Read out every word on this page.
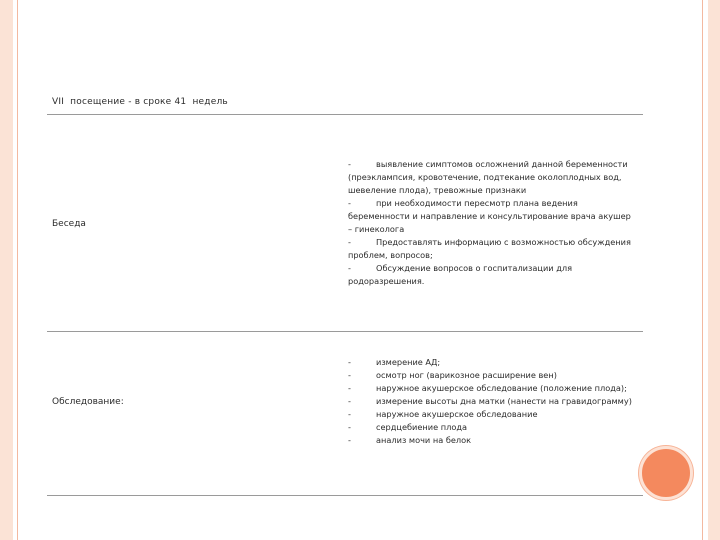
VII  посещение - в сроке 41  недель
Беседа
-	выявление симптомов осложнений данной беременности (преэклампсия, кровотечение, подтекание околоплодных вод, шевеление плода), тревожные признаки
-	при необходимости пересмотр плана ведения беременности и направление и консультирование врача акушер – гинеколога
-	Предоставлять информацию с возможностью обсуждения проблем, вопросов;
-	Обсуждение вопросов о госпитализации для родоразрешения.
Обследование:
-	измерение АД;
-	осмотр ног (варикозное расширение вен)
-	наружное акушерское обследование (положение плода);
-	измерение высоты дна матки (нанести на гравидограмму)
-	наружное акушерское обследование
-	сердцебиение плода
-	анализ мочи на белок
